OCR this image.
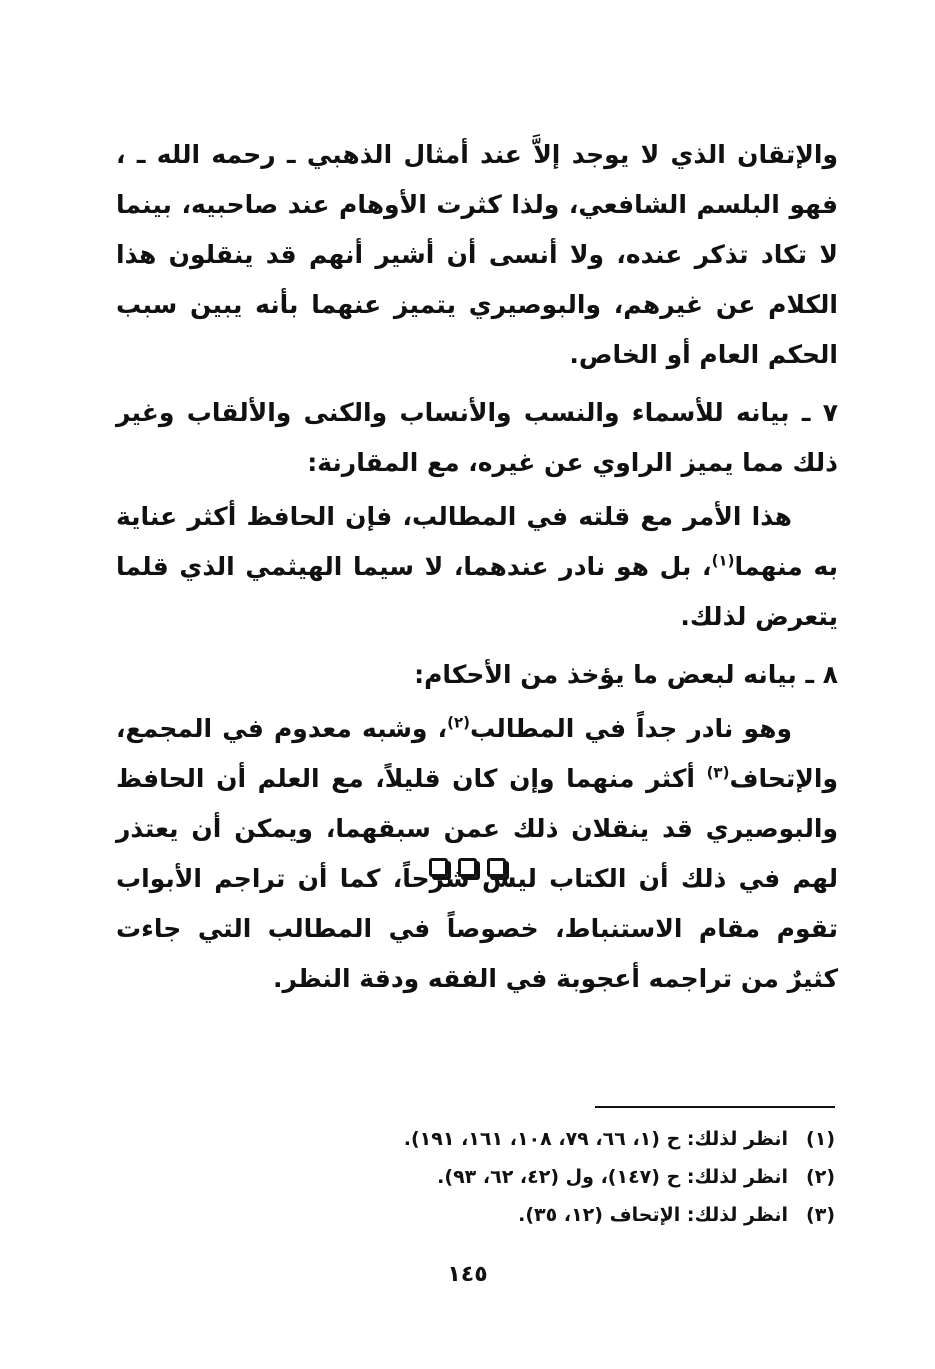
والإتقان الذي لا يوجد إلاَّ عند أمثال الذهبي ـ رحمه الله ـ ، فهو البلسم الشافعي، ولذا كثرت الأوهام عند صاحبيه، بينما لا تكاد تذكر عنده، ولا أنسى أن أشير أنهم قد ينقلون هذا الكلام عن غيرهم، والبوصيري يتميز عنهما بأنه يبين سبب الحكم العام أو الخاص.

٧ ـ بيانه للأسماء والنسب والأنساب والكنى والألقاب وغير ذلك مما يميز الراوي عن غيره، مع المقارنة:

هذا الأمر مع قلته في المطالب، فإن الحافظ أكثر عناية به منهما$^{(١)}$، بل هو نادر عندهما، لا سيما الهيثمي الذي قلما يتعرض لذلك.

٨ ـ بيانه لبعض ما يؤخذ من الأحكام:

وهو نادر جداً في المطالب$^{(٢)}$، وشبه معدوم في المجمع، والإتحاف$^{(٣)}$ أكثر منهما وإن كان قليلاً، مع العلم أن الحافظ والبوصيري قد ينقلان ذلك عمن سبقهما، ويمكن أن يعتذر لهم في ذلك أن الكتاب ليس شرحاً، كما أن تراجم الأبواب تقوم مقام الاستنباط، خصوصاً في المطالب التي جاءت كثيرٌ من تراجمه أعجوبة في الفقه ودقة النظر.

(١)
انظر لذلك: ح (١، ٦٦، ٧٩، ١٠٨، ١٦١، ١٩١).
(٢)
انظر لذلك: ح (١٤٧)، ول (٤٢، ٦٢، ٩٣).
(٣)
انظر لذلك: الإتحاف (١٢، ٣٥).
١٤٥
